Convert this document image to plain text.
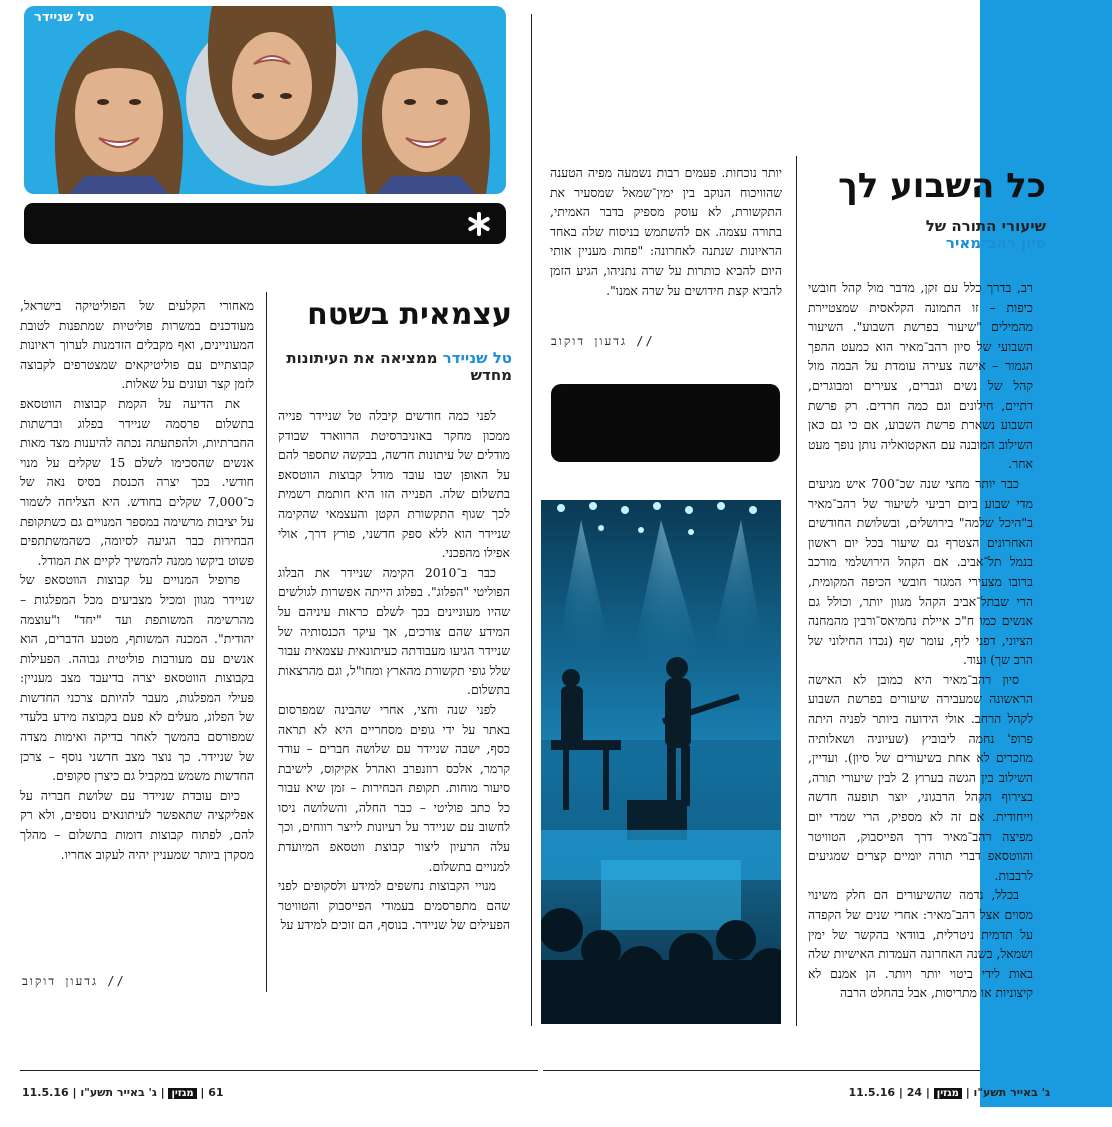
כל השבוע לך
שיעורי התורה של
סיון רהב־מאיר

רב, בדרך כלל עם זקן, מדבר מול קהל חובשי כיפות – זו התמונה הקלאסית שמצטיירת מהמילים "שיעור בפרשת השבוע". השיעור השבועי של סיון רהב־מאיר הוא כמעט ההפך הגמור – אישה צעירה עומדת על הבמה מול קהל של נשים וגברים, צעירים ומבוגרים, דתיים, חילונים וגם כמה חרדים. רק פרשת השבוע נשארת פרשת השבוע, אם כי גם כאן השילוב המובנה עם האקטואליה נותן נופך מעט אחר.

כבר יותר מחצי שנה שכ־700 איש מגיעים מדי שבוע ביום רביעי לשיעור של רהב־מאיר ב"היכל שלמה" בירושלים, ובשלושת החודשים האחרונים הצטרף גם שיעור בכל יום ראשון בנמל תל־אביב. אם הקהל הירושלמי מורכב ברובו מצעירי המגזר חובשי הכיפה המקומית, הרי שבתל־אביב הקהל מגוון יותר, וכולל גם אנשים כמו ח"כ איילת נחמיאס־ורבין מהמחנה הציוני, דפני ליף, עומר שף (נכדו החילוני של הרב שך) ועוד.

סיון רהב־מאיר היא כמובן לא האישה הראשונה שמעבירה שיעורים בפרשת השבוע לקהל הרחב. אולי הידועה ביותר לפניה היתה פרופ' נחמה ליבוביץ (שעיוניה ושאלותיה מוזכרים לא אחת בשיעורים של סיון). ועדיין, השילוב בין הגשה בערוץ 2 לבין שיעורי תורה, בצירוף הקהל הרבגוני, יוצר תופעה חדשה וייחודית. אם זה לא מספיק, הרי שמדי יום מפיצה רהב־מאיר דרך הפייסבוק, הטוויטר והווטסאפ דברי תורה יומיים קצרים שמגיעים לרבבות.

בכלל, נדמה שהשיעורים הם חלק משינוי מסוים אצל רהב־מאיר: אחרי שנים של הקפדה על תדמית ניטרלית, בוודאי בהקשר של ימין ושמאל, בשנה האחרונה העמדות האישיות שלה באות לידי ביטוי יותר ויותר. הן אמנם לא קיצוניות או מתריסות, אבל בהחלט הרבה

יותר נוכחות. פעמים רבות נשמעה מפיה הטענה שהוויכוח הנוקב בין ימין־שמאל שמסעיר את התקשורת, לא עוסק מספיק בדבר האמיתי, בתורה עצמה. אם להשתמש בניסוח שלה באחד הראיונות שנתנה לאחרונה: "פחות מעניין אותי היום להביא כותרות על שרה נתניהו, הגיע הזמן להביא קצת חידושים על שרה אמנו".

// גדעון דוקוב
טל שניידר
עצמאית בשטח
טל שניידר ממציאה את העיתונות מחדש

לפני כמה חודשים קיבלה טל שניידר פנייה ממכון מחקר באוניברסיטת הרווארד שבודק מודלים של עיתונות חדשה, בבקשה שתספר להם על האופן שבו עובד מודל קבוצות הווטסאפ בתשלום שלה. הפנייה הזו היא חותמת רשמית לכך שגוף התקשורת הקטן והעצמאי שהקימה שניידר הוא ללא ספק חדשני, פורץ דרך, אולי אפילו מהפכני.

כבר ב־2010 הקימה שניידר את הבלוג הפוליטי "הפלוג". בפלוג הייתה אפשרות לגולשים שהיו מעוניינים בכך לשלם כראות עיניהם על המידע שהם צורכים, אך עיקר הכנסותיה של שניידר הגיעו מעבודתה כעיתונאית עצמאית עבור שלל גופי תקשורת מהארץ ומחו"ל, וגם מהרצאות בתשלום.

לפני שנה וחצי, אחרי שהבינה שמפרסום באתר על ידי גופים מסחריים היא לא תראה כסף, ישבה שניידר עם שלושה חברים – עודד קרמר, אלכס רוזנפרב ואהרל אקיקוס, לישיבת סיעור מוחות. תקופת הבחירות – זמן שיא עבור כל כתב פוליטי – כבר החלה, והשלושה ניסו לחשוב עם שניידר על רעיונות לייצר רווחים, וכך עלה הרעיון ליצור קבוצת ווטסאפ המיועדת למנויים בתשלום.

מנויי הקבוצות נחשפים למידע ולסקופים לפני שהם מתפרסמים בעמודי הפייסבוק והטוויטר הפעילים של שניידר. בנוסף, הם זוכים למידע על

מאחורי הקלעים של הפוליטיקה בישראל, מעודכנים במשרות פוליטיות שמתפנות לטובת המעוניינים, ואף מקבלים הזדמנות לערוך ראיונות קבוצתיים עם פוליטיקאים שמצטרפים לקבוצה לזמן קצר ועונים על שאלות.

את הדיעה על הקמת קבוצות הווטסאפ בתשלום פרסמה שניידר בפלוג וברשתות החברתיות, ולהפתעתה נכתה להיענות מצד מאות אנשים שהסכימו לשלם 15 שקלים על מנוי חודשי. בכך יצרה הכנסת בסיס נאה של כ־7,000 שקלים בחודש. היא הצליחה לשמור על יציבות מרשימה במספר המנויים גם כשתקופת הבחירות כבר הגיעה לסיומה, כשהמשתתפים פשוט ביקשו ממנה להמשיך לקיים את המודל.

פרופיל המנויים על קבוצות הווטסאפ של שניידר מגוון ומכיל מצביעים מכל המפלגות – מהרשימה המשותפת ועד "יחד" ו"עוצמה יהודית". המכנה המשותף, מטבע הדברים, הוא אנשים עם מעורבות פוליטית גבוהה. הפעילות בקבוצות הווטסאפ יצרה בדיעבד מצב מעניין: פעילי המפלגות, מעבר להיותם צרכני החדשות של הפלוג, מעלים לא פעם בקבוצה מידע בלעדי שמפורסם בהמשך לאחר בדיקה ואימות מצדה של שניידר. כך נוצר מצב חדשני נוסף – צרכן החדשות משמש במקביל גם כיצרן סקופים.

כיום עובדת שניידר עם שלושת חבריה על אפליקציה שתאפשר לעיתונאים נוספים, ולא רק להם, לפתוח קבוצות דומות בתשלום – מהלך מסקרן ביותר שמעניין יהיה לעקוב אחריו.

// גדעון דוקוב
61 | מגזין | ג' באייר תשע"ו | 11.5.16	11.5.16 |	ג' באייר תשע"ו | מגזין | 24
